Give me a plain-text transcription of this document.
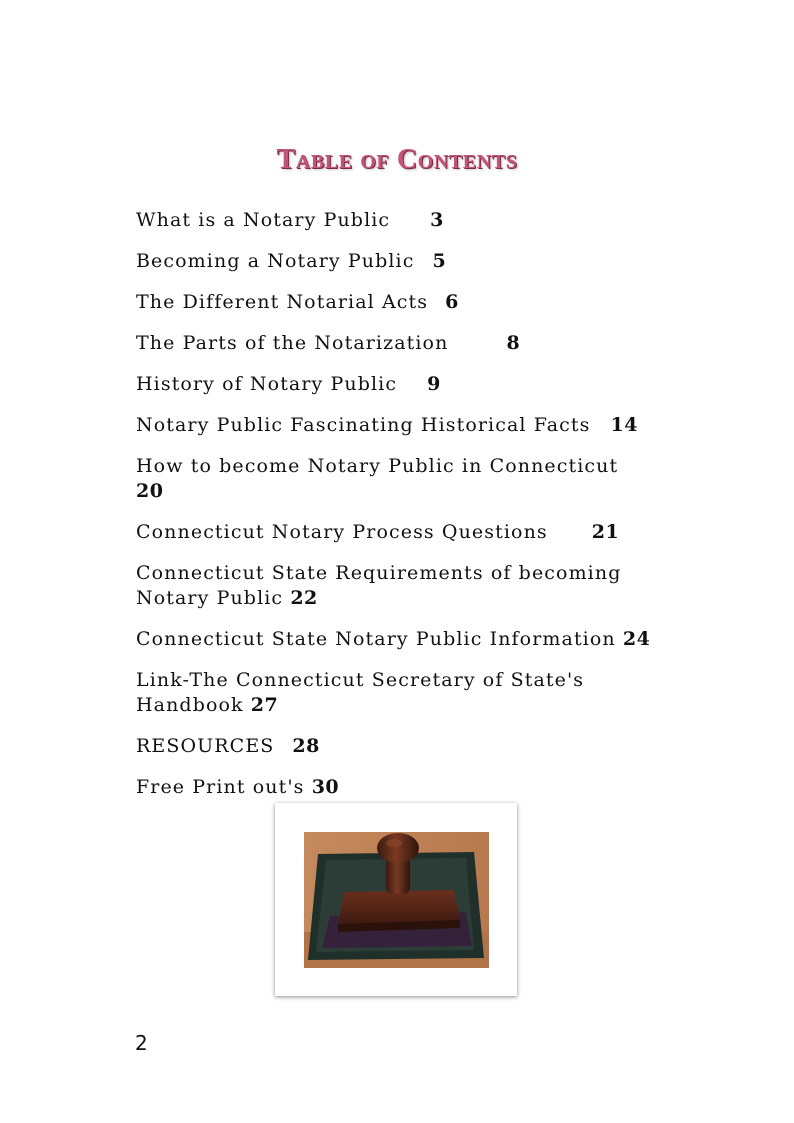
Table of Contents
What is a Notary Public 3
Becoming a Notary Public 5
The Different Notarial Acts 6
The Parts of the Notarization	8
History of Notary Public 9
Notary Public Fascinating Historical Facts 14
How to become Notary Public in Connecticut20
Connecticut Notary Process Questions 21
Connecticut State Requirements of becoming Notary Public 22
Connecticut State Notary Public Information 24
Link-The Connecticut Secretary of State's Handbook 27
RESOURCES 28
Free Print out's 30
2
